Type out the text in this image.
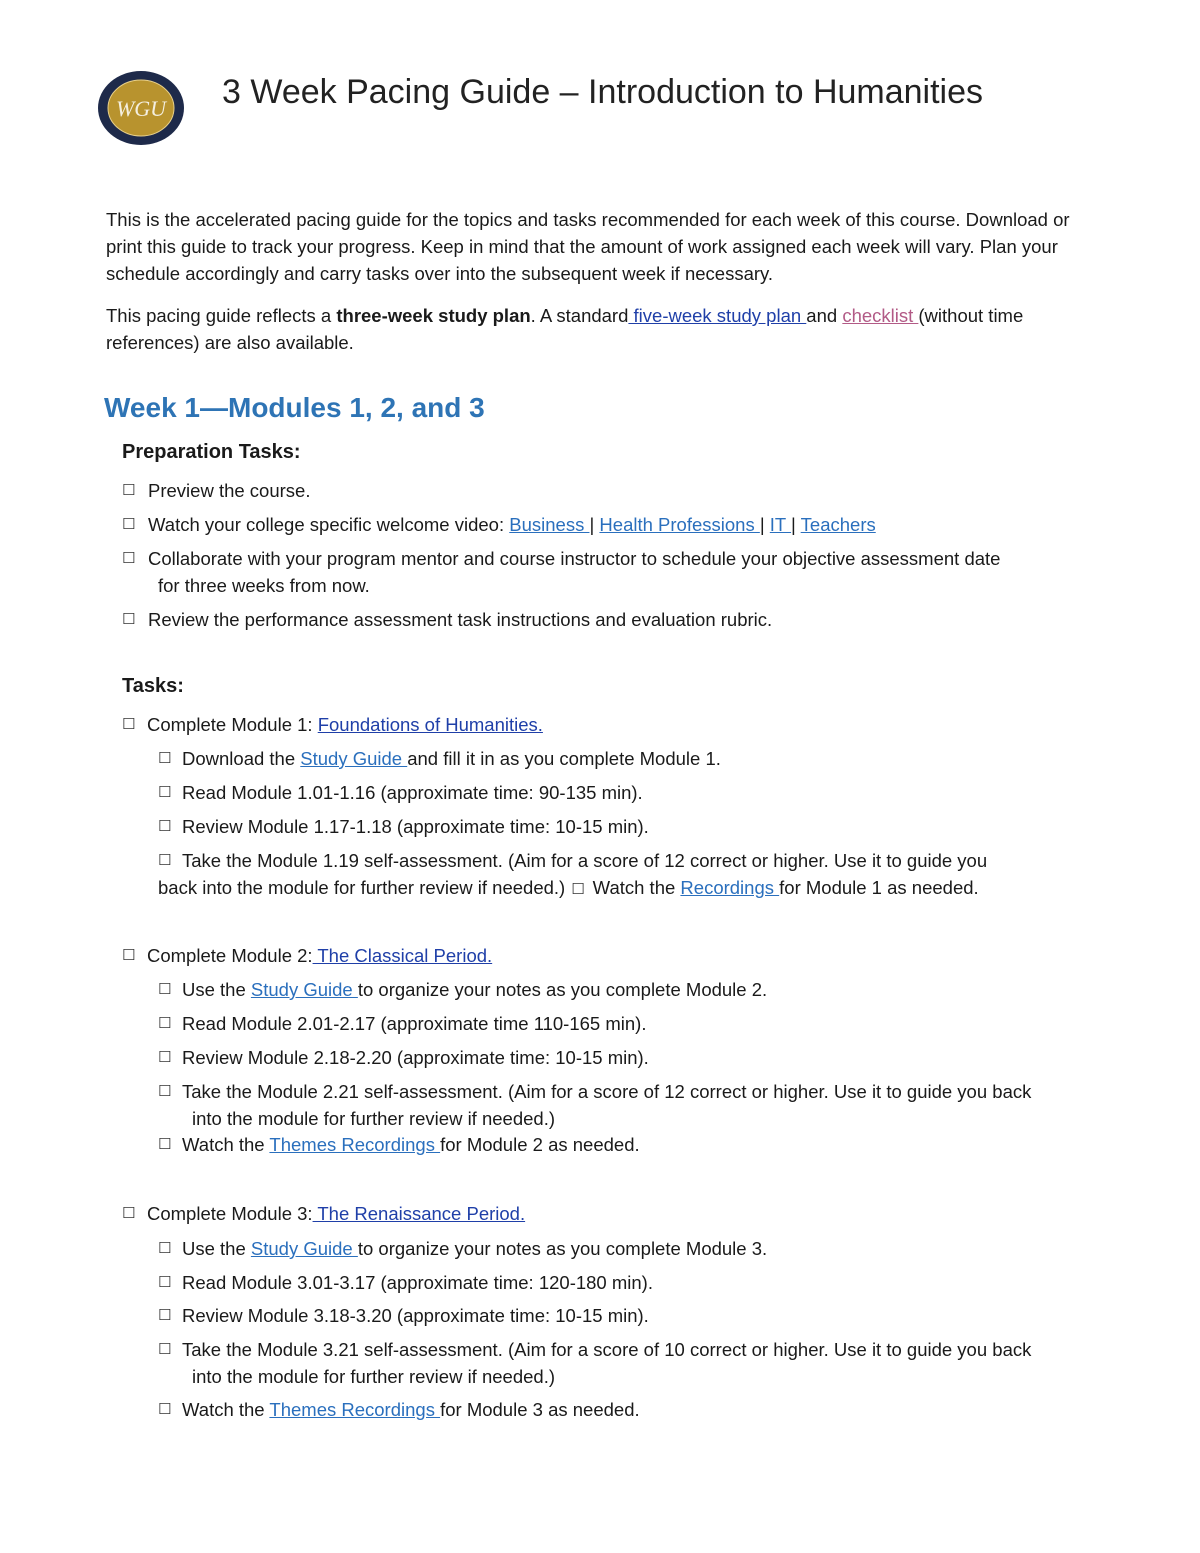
WGU 3 Week Pacing Guide – Introduction to Humanities

This is the accelerated pacing guide for the topics and tasks recommended for each week of this course. Download or print this guide to track your progress. Keep in mind that the amount of work assigned each week will vary. Plan your schedule accordingly and carry tasks over into the subsequent week if necessary.

This pacing guide reflects a three-week study plan. A standard five-week study plan and checklist (without time references) are also available.

Week 1—Modules 1, 2, and 3
Preparation Tasks:
☐ Preview the course.
☐ Watch your college specific welcome video: Business | Health Professions | IT | Teachers
☐ Collaborate with your program mentor and course instructor to schedule your objective assessment date
for three weeks from now.
☐ Review the performance assessment task instructions and evaluation rubric.
Tasks:
☐ Complete Module 1: Foundations of Humanities.
☐ Download the Study Guide and fill it in as you complete Module 1.
☐ Read Module 1.01-1.16 (approximate time: 90-135 min).
☐ Review Module 1.17-1.18 (approximate time: 10-15 min).
☐ Take the Module 1.19 self-assessment. (Aim for a score of 12 correct or higher. Use it to guide you
back into the module for further review if needed.) ☐ Watch the Recordings for Module 1 as needed.
☐ Complete Module 2: The Classical Period.
☐ Use the Study Guide to organize your notes as you complete Module 2.
☐ Read Module 2.01-2.17 (approximate time 110-165 min).
☐ Review Module 2.18-2.20 (approximate time: 10-15 min).
☐ Take the Module 2.21 self-assessment. (Aim for a score of 12 correct or higher. Use it to guide you back
into the module for further review if needed.)
☐ Watch the Themes Recordings for Module 2 as needed.
☐ Complete Module 3: The Renaissance Period.
☐ Use the Study Guide to organize your notes as you complete Module 3.
☐ Read Module 3.01-3.17 (approximate time: 120-180 min).
☐ Review Module 3.18-3.20 (approximate time: 10-15 min).
☐ Take the Module 3.21 self-assessment. (Aim for a score of 10 correct or higher. Use it to guide you back
into the module for further review if needed.)
☐ Watch the Themes Recordings for Module 3 as needed.
